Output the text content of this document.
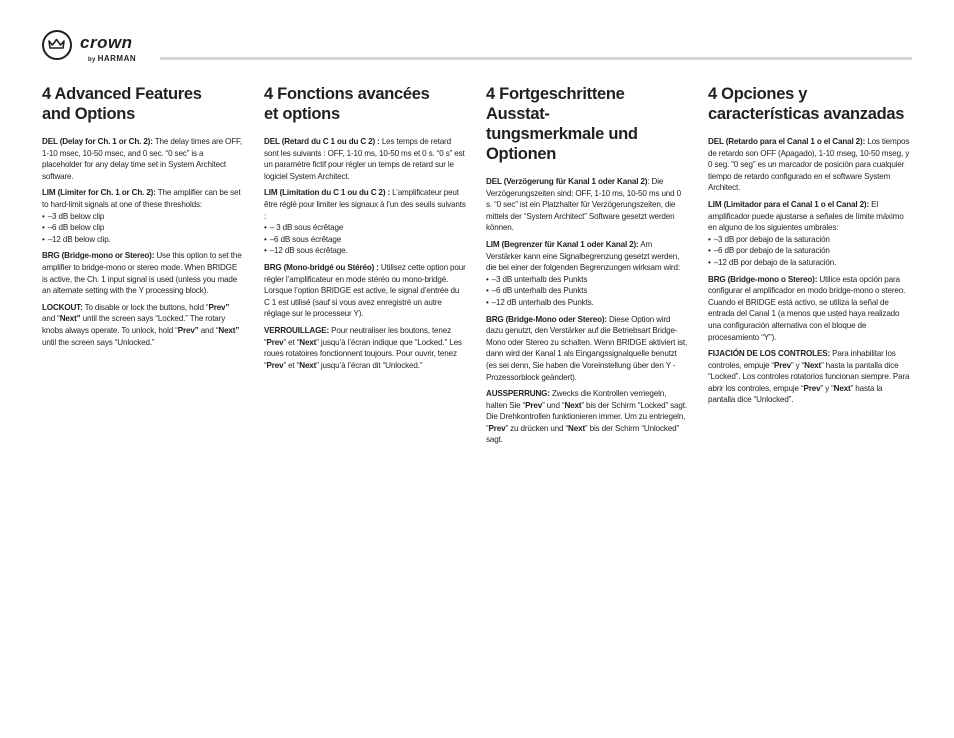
crown
by HARMAN
4 Advanced Features
and Options

DEL (Delay for Ch. 1 or Ch. 2): The delay times are OFF, 1-10 msec, 10-50 msec, and 0 sec. “0 sec” is a placeholder for any delay time set in System Architect software.

LIM (Limiter for Ch. 1 or Ch. 2): The amplifier can be set to hard-limit signals at one of these thresholds:

• –3 dB below clip
• –6 dB below clip
• –12 dB below clip.

BRG (Bridge-mono or Stereo): Use this option to set the amplifier to bridge-mono or stereo mode. When BRIDGE is active, the Ch. 1 input signal is used (unless you made an alternate setting with the Y processing block).

LOCKOUT: To disable or lock the buttons, hold “Prev” and “Next” until the screen says “Locked.” The rotary knobs always operate. To unlock, hold “Prev” and “Next” until the screen says “Unlocked.”

4 Fonctions avancées
et options

DEL (Retard du C 1 ou du C 2) : Les temps de retard sont les suivants : OFF, 1-10 ms, 10-50 ms et 0 s. “0 s” est un paramètre fictif pour régler un temps de retard sur le logiciel System Architect.

LIM (Limitation du C 1 ou du C 2) : L’amplificateur peut être réglé pour limiter les signaux à l’un des seuils suivants :

• – 3 dB sous écrêtage
• –6 dB sous écrêtage
• –12 dB sous écrêtage.

BRG (Mono-bridgé ou Stéréo) : Utilisez cette option pour régler l’amplificateur en mode stéréo ou mono-bridgé. Lorsque l’option BRIDGE est active, le signal d’entrée du C 1 est utilisé (sauf si vous avez enregistré un autre réglage sur le processeur Y).

VERROUILLAGE: Pour neutraliser les boutons, tenez “Prev” et “Next” jusqu’à l’écran indique que “Locked.” Les roues rotatoires fonctionnent toujours. Pour ouvrir, tenez “Prev” et “Next” jusqu’à l’écran dit “Unlocked.”

4 Fortgeschrittene Ausstat-
tungsmerkmale und Optionen

DEL (Verzögerung für Kanal 1 oder Kanal 2): Die Verzögerungszeiten sind: OFF, 1-10 ms, 10-50 ms und 0 s. “0 sec” ist ein Platzhalter für Verzögerungszeiten, die mittels der “System Architect” Software gesetzt werden können.

LIM (Begrenzer für Kanal 1 oder Kanal 2): Am Verstärker kann eine Signalbegrenzung gesetzt werden, die bei einer der folgenden Begrenzungen wirksam wird:

• –3 dB unterhalb des Punkts
• –6 dB unterhalb des Punkts
• –12 dB unterhalb des Punkts.

BRG (Bridge-Mono oder Stereo): Diese Option wird dazu genutzt, den Verstärker auf die Betriebsart Bridge-Mono oder Stereo zu schalten. Wenn BRIDGE aktiviert ist, dann wird der Kanal 1 als Eingangssignalquelle benutzt (es sei denn, Sie haben die Voreinstellung über den Y -Prozessorblock geändert).

AUSSPERRUNG: Zwecks die Kontrollen verriegeln, halten Sie “Prev” und “Next” bis der Schirm “Locked” sagt. Die Drehkontrollen funktionieren immer. Um zu entriegeln, “Prev” zu drücken und “Next” bis der Schirm “Unlocked” sagt.

4 Opciones y
características avanzadas

DEL (Retardo para el Canal 1 o el Canal 2): Los tiempos de retardo son OFF (Apagado), 1-10 mseg, 10-50 mseg, y 0 seg. “0 seg” es un marcador de posición para cualquier tiempo de retardo configurado en el software System Architect.

LIM (Limitador para el Canal 1 o el Canal 2): El amplificador puede ajustarse a señales de límite máximo en alguno de los siguientes umbrales:

• –3 dB por debajo de la saturación
• –6 dB por debajo de la saturación
• –12 dB por debajo de la saturación.

BRG (Bridge-mono o Stereo): Utilice esta opción para configurar el amplificador en modo bridge-mono o stereo. Cuando el BRIDGE está activo, se utiliza la señal de entrada del Canal 1 (a menos que usted haya realizado una configuración alternativa con el bloque de procesamiento “Y”).

FIJACIÓN DE LOS CONTROLES: Para inhabilitar los controles, empuje “Prev” y “Next” hasta la pantalla dice “Locked”. Los controles rotatorios funcionan siempre. Para abrir los controles, empuje “Prev” y “Next” hasta la pantalla dice “Unlocked”.
